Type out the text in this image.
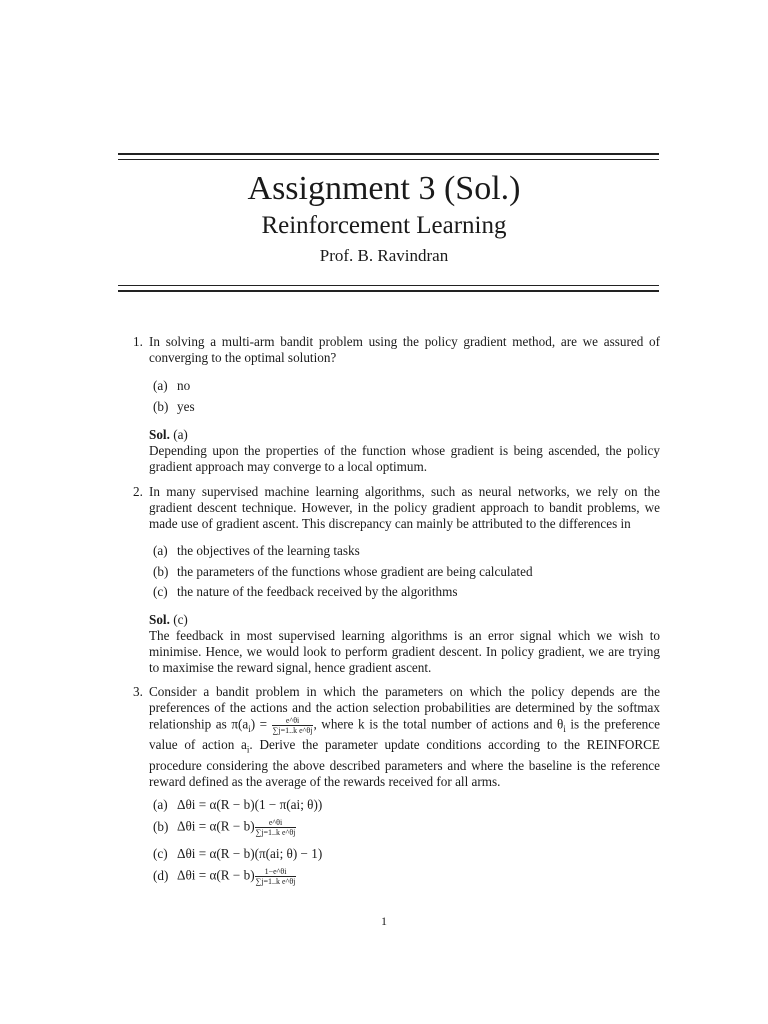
Assignment 3 (Sol.)
Reinforcement Learning
Prof. B. Ravindran
1. In solving a multi-arm bandit problem using the policy gradient method, are we assured of converging to the optimal solution?
(a) no
(b) yes
Sol. (a)
Depending upon the properties of the function whose gradient is being ascended, the policy gradient approach may converge to a local optimum.
2. In many supervised machine learning algorithms, such as neural networks, we rely on the gradient descent technique. However, in the policy gradient approach to bandit problems, we made use of gradient ascent. This discrepancy can mainly be attributed to the differences in
(a) the objectives of the learning tasks
(b) the parameters of the functions whose gradient are being calculated
(c) the nature of the feedback received by the algorithms
Sol. (c)
The feedback in most supervised learning algorithms is an error signal which we wish to minimise. Hence, we would look to perform gradient descent. In policy gradient, we are trying to maximise the reward signal, hence gradient ascent.
3. Consider a bandit problem in which the parameters on which the policy depends are the preferences of the actions and the action selection probabilities are determined by the softmax relationship as $\pi(a_i) = \frac{e\^{}\theta i}{\text{∑j=1..k e\textasciicircum{}θj}}$ , where k is the total number of actions and $\theta_i$ is the preference value of action $a_i$. Derive the parameter update conditions according to the REINFORCE procedure considering the above described parameters and where the baseline is the reference reward defined as the average of the rewards received for all arms.
(a) Δθi = α(R − b)(1 − π(ai; θ))
(b) $\Delta\theta i = \alpha(R - b) \frac{e\^{}\theta i}{\text{∑j=1..k e\textasciicircum{}θj}}$
(c) Δθi = α(R − b)(π(ai; θ) − 1)
(d) $\Delta\theta i = \alpha(R - b) \frac{1-e\^{}\theta i}{\text{∑j=1..k e\textasciicircum{}θj}}$
1
